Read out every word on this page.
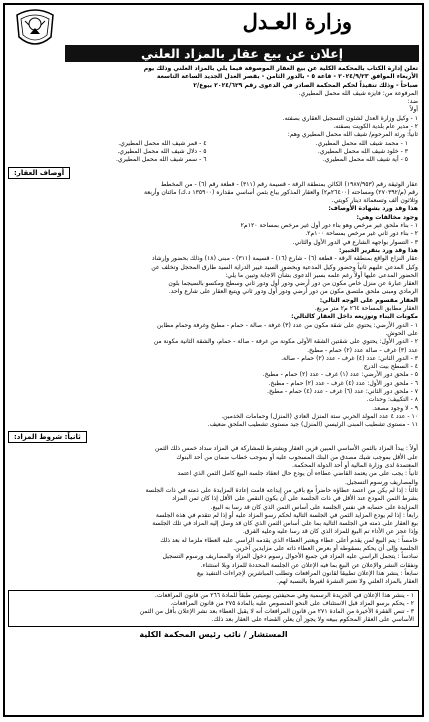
وزارة العـدل
إعلان عن بيع عقار بالمزاد العلني

تعلن إدارة الكتاب بالمحكمة الكلية عن بيع العقار الموصوفة فيما يلي بالمزاد العلني وذلك يوم

الأربعاء الموافق ٢٠٢٤/٩/٢٣ - قاعة ٥ - بالدور الثامن - بقصر العدل الجديد الساعة التاسعة

صباحاً - وذلك تنفيذاً لحكم المحكمة الصادر في الدعوى رقم ٢٠٢٤/٦٢٩ بيوع/٢

المرفوعة من: فايزه شيف الله محمل المطيري.

ضد:

أولاً

١ - وكيل وزارة العدل لشئون التسجيل العقاري بصفته.

٢ - مدير عام بلدية الكويت بصفته.

ثانياً: ورثة المرحوم/ شيف الله محمل المطيري وهم:

١ - محمد شيف الله محمل المطيري.

٣ - خلود شيف الله محمل المطيري.

٥ - أية شيف الله محمل المطيري.

٤ - قمر شيف الله محمل المطيري.

٥ - دلال شيف الله محمل المطيري.

٦ - سمر شيف الله محمل المطيري.

أوصاف العقار:

عقار الوثيقة رقم (١٩٨٧/٩٥٣) الكائن بمنطقة الرقة - قسيمة رقم (٣١١) - قطعة رقم (٦) - من المخطط

رقم (م/٢٧٠٣٩٢) ومساحته (٢٦٤٠٠م٢) والعقار المذكور يباع بثمن أساسي مقداره (١٣٥٩٠٠ د.ك) مائتان وأربعة

وثلاثون ألف وتسعمائة دينار كويتي.

هذا وقد ورد بشهادة الأوصاف:

وجود مخالفات وهي:

١ - بناء ملحق غير مرخص وهو بناء دور أول غير مرخص بمساحة ١٢٠م٢

٢ - بناء دور ثاني غير مرخص بمساحة ١٠٠م٢.

٣ - التسوار بواجهه الشارع في الدور الأول والثاني.

هذا وقد ورد بتقرير الخبير:

عقار النزاع الواقع بمنطقة الرقة - قطعة (٦) - شارع (١٦) - قسيمة (٣١١) - مبنى (١٨) وذلك بحضور وإرشاد

وكيل المدعي عليهم ثانياً وحضور وكيل المدعية وبحضور السيد غيير الدراية السيد طارق المحجل وتخلف عن

الحضور المدعى عليها أولاً رغم علمه بسير الدعوى بشأن الاجابة وتبين ما يلي:

العقار عبارة عن منزل خاص مكون من دور أرضي ودور أول ودور ثاني وسطح ومكسو بالسيجما بلون

الرمادي ومبنى ملحق ملتصق مكون من دور أرضي ودور أول ودور ثاني ويتبع العقار على شارع واحد.

العقار مقسوم على الوجه التالي:

العقار مطابق المساحة ٢٦٤ م٢ متر مربع.

مكونات البناء وتوزيعه داخل العقار كالتالي:

١ - الدور الأرضي: يحتوي على شقة مكون من عدد (٣) غرفة - صالة - حمام - مطبخ وغرفة وحمام مطابن

على الحوش.

٢ - الدور الأول: يحتوي على شقتين الشقة الأولى مكونة من غرفة - صالة - حمام، والشقة الثانية مكونة من

عدد (٣) غرف - صالة عدد (٢) حمام - مطبخ.

٣ - الدور الثاني: عدد (٤) غرف - عدد (٢) حمام - صالة.

٤ - السطح بيت الدرج

٥ - ملحق دور الأرضي: عدد (١) غرف - عدد (٢) حمام - مطبخ.

٦ - ملحق دور الأول: عدد (٤) غرف - عدد (٢) حمام - مطبخ.

٧ - ملحق دور الثاني: عدد (٦) غرف - عدد (٤) حمام - مطبخ.

٨ - التكييف: وحدات.

٩ - لا وجود مصعد.

١٠ - عدد ٤ عدد المولد الحربي ستة المنزل العادي (المنزل) وحمامات الخدمين.

١١ - مستوى تشطيب المبنى الرئيسي (المنزل) جيد مستوى تشطيب الملحق ضعيف.

ثانياً: شروط المزاد:

أولاً : يبدأ المزاد بالثمن الأساسي المبين قرين العقار ويشترط للمشاركة في المزاد سداد خمس ذلك الثمن

على الأقل بموجب شيك مصدق من البنك المسحوب عليه أو بموجب خطاب ضمان من أحد البنوك

المعتمدة لدى وزارة المالية أو أحد الدولة المحكمة.

ثانياً : يجب على من يعتمد القاضي عطاءه أن يودع حال انعقاد جلسة البيع كامل الثمن الذي اعتمد

والمصاريف ورسوم التسجيل.

ثالثاً : إذا لم يكن من اعتمد عطاؤه حاضراً مع باقي من إيداعه قامت إعادة المزايدة على ذمته في ذات الجلسة

بشرط الثمن المودع عند الأقل في ذات الجلسة على أن يكون النقص على الأقل إذا كان ثمن المزاد

المزايدة على حسابه في نفس الجلسة على أساس الثمن الذي كان قد رسا به البيع.

رابعاً : إذا لم يودع المزايد الثمن في الجلسة التالية لحكم رسو المزاد عليه أو إذا لم تتقدم في هذه الجلسة

بيع العقار على ذمته في الجلسة التالية بما على أساس الثمن الذي كان قد وصل إليه المزاد في تلك الجلسة

وإذا عجز عن الأداء تم البيع للمزاد الذي كان قد رسا عليه وعليه الفرق.

خامساً : يتم البيع لمن يقدم أعلى عطاء ويعتبر العطاء الذي يقدمه الراسي عليه العطاء ملزما له بعد ذلك

الجلسة وإلى أن يحكم بسقوطه أو بعرض العطاء ذاته على مزايدين آخرين.

سادساً : يتحمل الراسي عليه المزاد في جميع الأحوال رسوم دخول المزاد والمصاريف ورسوم التسجيل

ونفقات النشر والإعلان عن البيع بما فيه الإعلان عن الجلسة المحددة للمزاد وبلا استثناء.

سابعاً : ينشر هذا الإعلان تطبيقاً لقانون المرافعات وتطلب المباشرين لإجراءات التنفيذ بيع

العقار بالمزاد العلني ولا تعتبر النشرة لغيرها بالنسبة لهم.

١ - ينشر هذا الإعلان في الجريدة الرسمية وفي صحيفتين يوميتين طبقاً للمادة ٢٦٦ من قانون المرافعات.

٢ - يحكم برسو المزاد قبل الاستئناف على النحو المنصوص عليه بالمادة ٢٧٥ من قانون المرافعات.

٣ - تنص الفقرة الأخيرة من المادة ٢٧١ من قانون المرافعات أنه لا يقبل العطاء بعد نشر الإعلان بأقل من الثمن

الأساسي على العقار المحكوم ببيعه ولا يجوز أن يعلن القضاء على العقار بعد ذلك.

المستشار / نائب رئيس المحكمة الكلية
